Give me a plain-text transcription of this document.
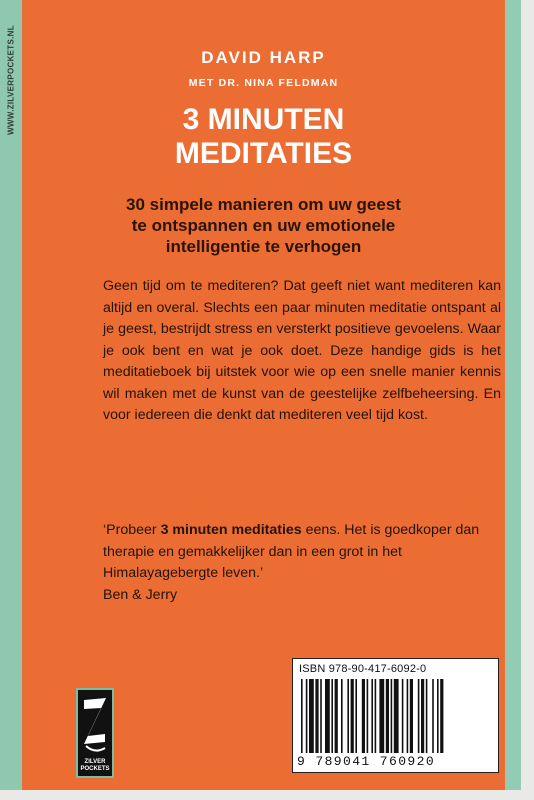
WWW.ZILVERPOCKETS.NL	DAVID HARP
MET DR. NINA FELDMAN
3 MINUTEN
MEDITATIES
30 simpele manieren om uw geest
te ontspannen en uw emotionele
intelligentie te verhogen

Geen tijd om te mediteren? Dat geeft niet want mediteren kan altijd en overal. Slechts een paar minuten meditatie ontspant al je geest, bestrijdt stress en versterkt positieve gevoelens. Waar je ook bent en wat je ook doet. Deze handige gids is het meditatieboek bij uitstek voor wie op een snelle manier kennis wil maken met de kunst van de geestelijke zelfbeheersing. En voor iedereen die denkt dat mediteren veel tijd kost.

‘Probeer 3 minuten meditaties eens. Het is goedkoper dan therapie en gemakkelijker dan in een grot in het Himalayagebergte leven.’
Ben & Jerry

ZILVER
POCKETS
ISBN 978-90-417-6092-0
9 789041 760920
